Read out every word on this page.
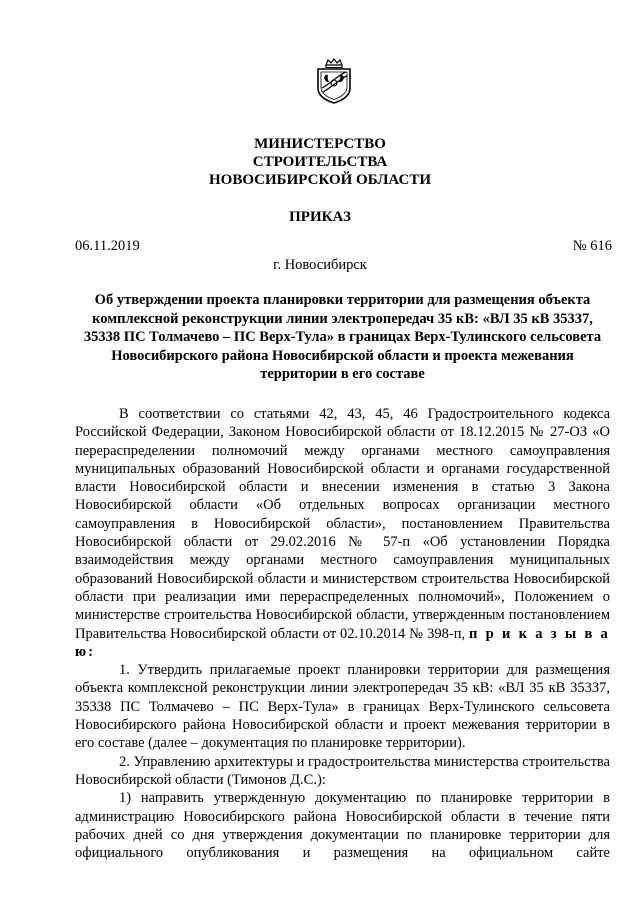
МИНИСТЕРСТВО
СТРОИТЕЛЬСТВА
НОВОСИБИРСКОЙ ОБЛАСТИ
ПРИКАЗ
06.11.2019	№ 616
г. Новосибирск
Об утверждении проекта планировки территории для размещения объекта комплексной реконструкции линии электропередач 35 кВ: «ВЛ 35 кВ 35337, 35338 ПС Толмачево – ПС Верх-Тула» в границах Верх-Тулинского сельсовета Новосибирского района Новосибирской области и проекта межевания территории в его составе

В соответствии со статьями 42, 43, 45, 46 Градостроительного кодекса Российской Федерации, Законом Новосибирской области от 18.12.2015 № 27-ОЗ «О перераспределении полномочий между органами местного самоуправления муниципальных образований Новосибирской области и органами государственной власти Новосибирской области и внесении изменения в статью 3 Закона Новосибирской области «Об отдельных вопросах организации местного самоуправления в Новосибирской области», постановлением Правительства Новосибирской области от 29.02.2016 № 57-п «Об установлении Порядка взаимодействия между органами местного самоуправления муниципальных образований Новосибирской области и министерством строительства Новосибирской области при реализации ими перераспределенных полномочий», Положением о министерстве строительства Новосибирской области, утвержденным постановлением Правительства Новосибирской области от 02.10.2014 № 398-п, п р и к а з ы в а ю:

1. Утвердить прилагаемые проект планировки территории для размещения объекта комплексной реконструкции линии электропередач 35 кВ: «ВЛ 35 кВ 35337, 35338 ПС Толмачево – ПС Верх-Тула» в границах Верх-Тулинского сельсовета Новосибирского района Новосибирской области и проект межевания территории в его составе (далее – документация по планировке территории).

2. Управлению архитектуры и градостроительства министерства строительства Новосибирской области (Тимонов Д.С.):

1) направить утвержденную документацию по планировке территории в администрацию Новосибирского района Новосибирской области в течение пяти рабочих дней со дня утверждения документации по планировке территории для официального опубликования и размещения на официальном сайте
